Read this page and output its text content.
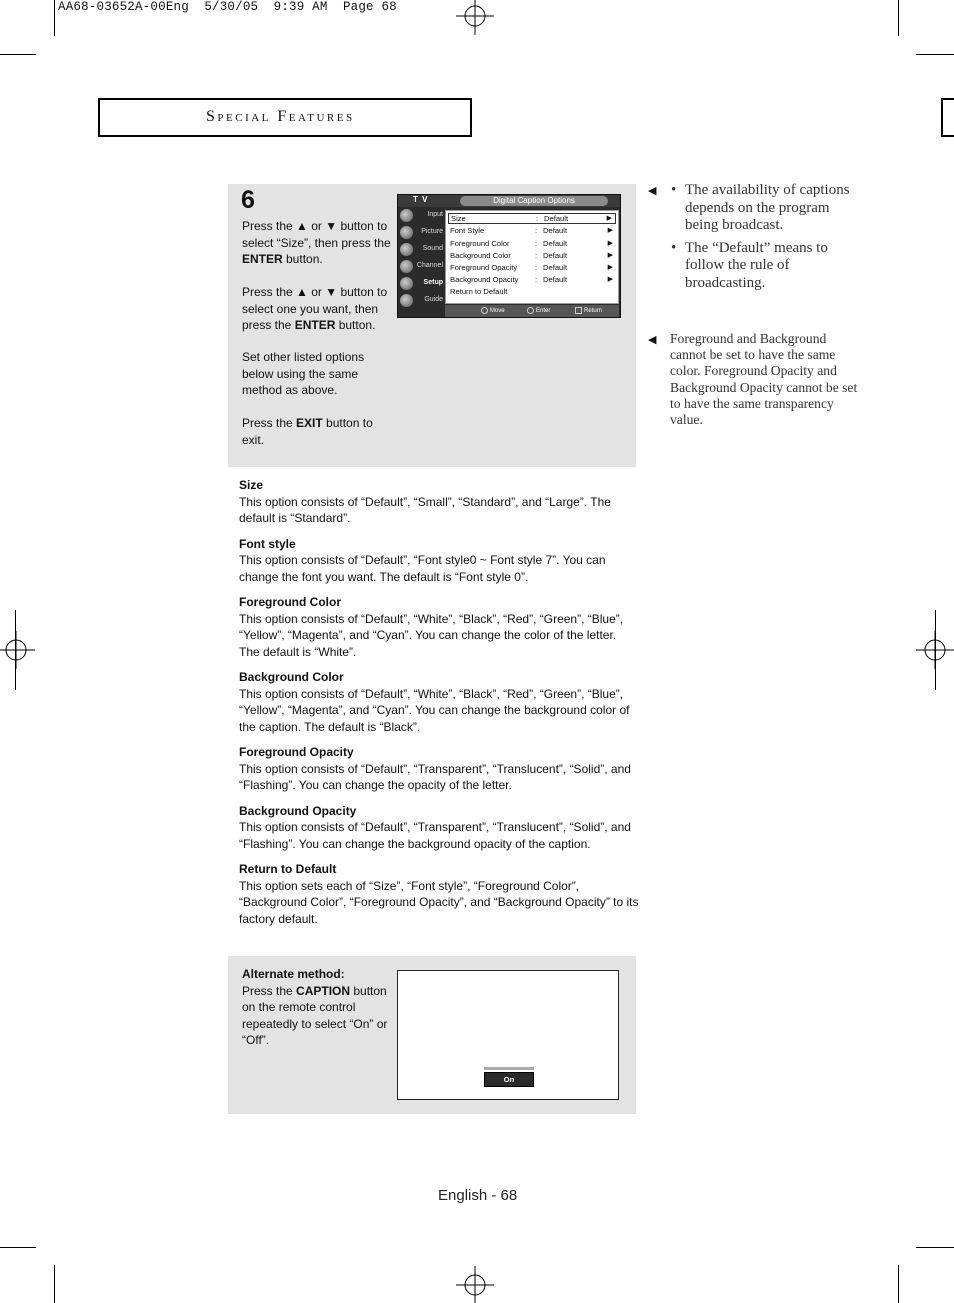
AA68-03652A-00Eng  5/30/05  9:39 AM  Page 68
Special Features
6
Press the ▲ or ▼ button to select “Size”, then press the ENTER button.
Press the ▲ or ▼ button to select one you want, then press the ENTER button.
Set other listed options below using the same method as above.
Press the EXIT button to exit.
T V	Digital Caption Options
Input
Picture
Sound
Channel
Setup
Guide
Size	: Default	▶
Font Style	: Default	▶
Foreground Color	: Default	▶
Background Color	: Default	▶
Foreground Opacity : Default	▶
Background Opacity : Default	▶
Return to Default
Move	Enter	Return
◀
•	The availability of captions depends on the program being broadcast.
• The “Default” means to follow the rule of broadcasting.
◀ Foreground and Background cannot be set to have the same color. Foreground Opacity and Background Opacity cannot be set to have the same transparency value.
Size

This option consists of “Default”, “Small”, “Standard”, and “Large”. The default is “Standard”.

Font style

This option consists of “Default”, “Font style0 ~ Font style 7”. You can change the font you want. The default is “Font style 0”.

Foreground Color

This option consists of “Default”, “White”, “Black”, “Red”, “Green”, “Blue”, “Yellow”, “Magenta”, and “Cyan”. You can change the color of the letter. The default is “White”.

Background Color

This option consists of “Default”, “White”, “Black”, “Red”, “Green”, “Blue”, “Yellow”, “Magenta”, and “Cyan”. You can change the background color of the caption. The default is “Black”.

Foreground Opacity

This option consists of “Default”, “Transparent”, “Translucent”, “Solid”, and “Flashing”. You can change the opacity of the letter.

Background Opacity

This option consists of “Default”, “Transparent”, “Translucent”, “Solid”, and “Flashing”. You can change the background opacity of the caption.

Return to Default

This option sets each of “Size”, “Font style”, “Foreground Color”, “Background Color”, “Foreground Opacity”, and “Background Opacity” to its factory default.

Alternate method:
Press the CAPTION button on the remote control repeatedly to select “On” or “Off”.
On
English - 68
